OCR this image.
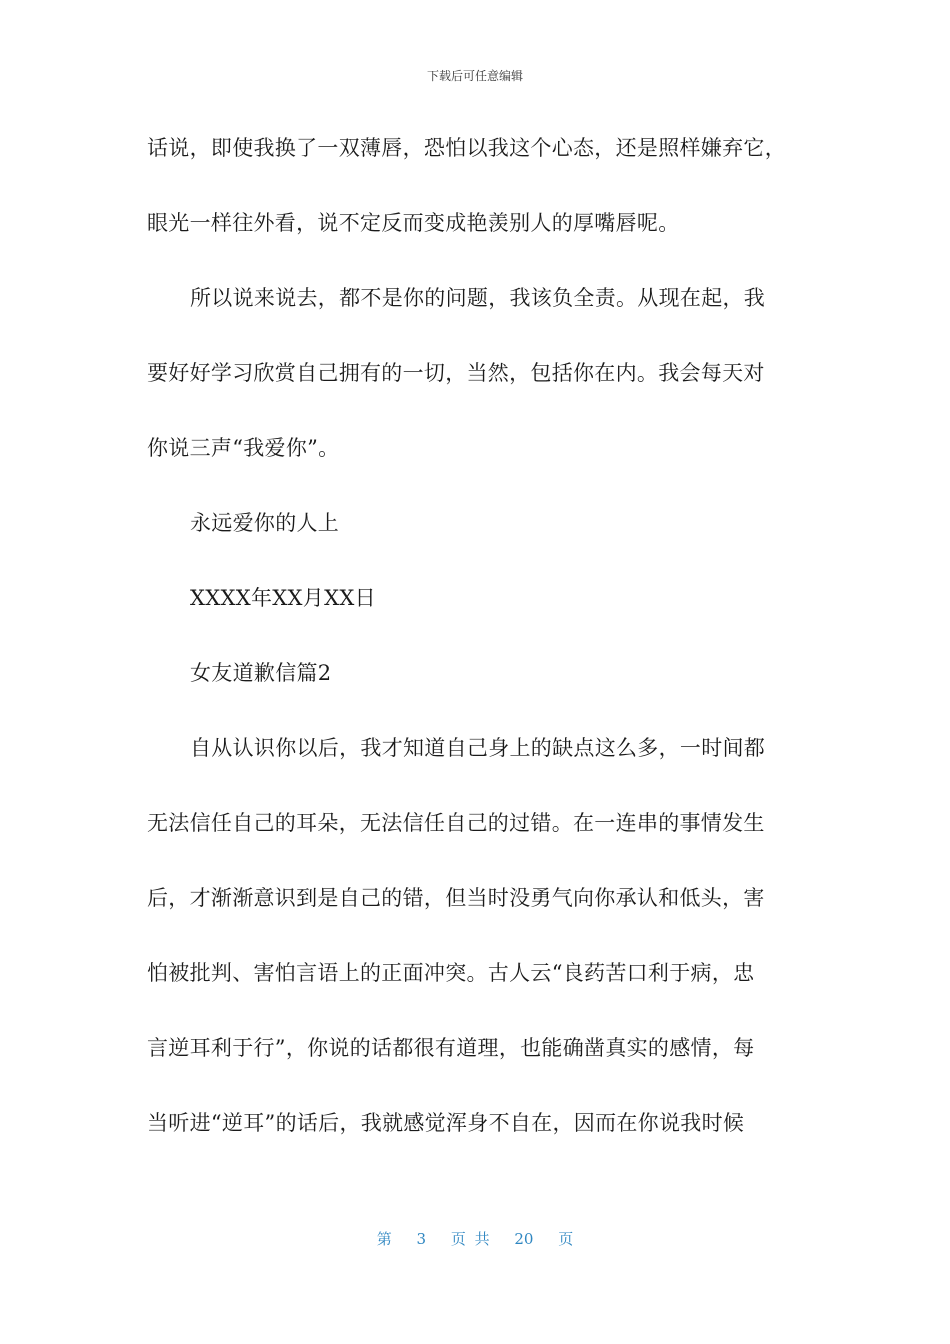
下载后可任意编辑
话说，即使我换了一双薄唇，恐怕以我这个心态，还是照样嫌弃它，
眼光一样往外看，说不定反而变成艳羡别人的厚嘴唇呢。
所以说来说去，都不是你的问题，我该负全责。从现在起，我
要好好学习欣赏自己拥有的一切，当然，包括你在内。我会每天对
你说三声“我爱你”。
永远爱你的人上
XXXX年XX月XX日
女友道歉信篇2
自从认识你以后，我才知道自己身上的缺点这么多，一时间都
无法信任自己的耳朵，无法信任自己的过错。在一连串的事情发生
后，才渐渐意识到是自己的错，但当时没勇气向你承认和低头，害
怕被批判、害怕言语上的正面冲突。古人云“良药苦口利于病，忠
言逆耳利于行”，你说的话都很有道理，也能确凿真实的感情，每
当听进“逆耳”的话后，我就感觉浑身不自在，因而在你说我时候
第 3 页 共 20 页
